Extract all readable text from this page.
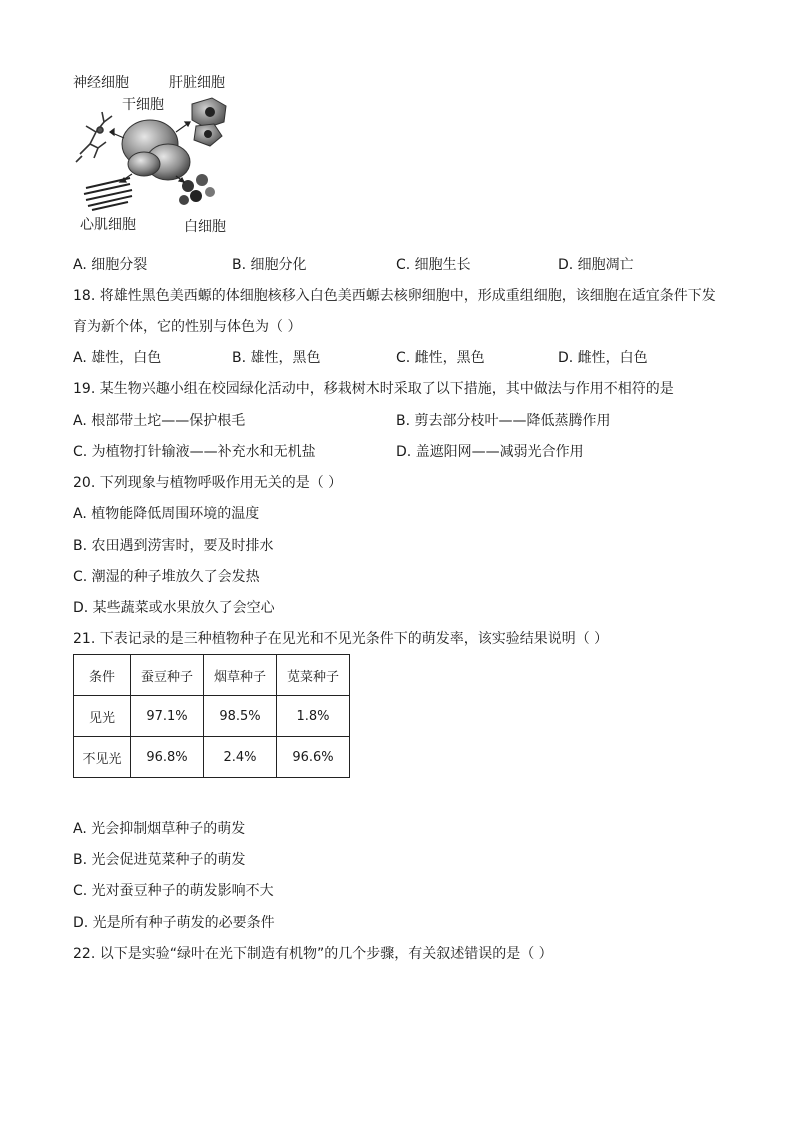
神经细胞	肝脏细胞
干细胞
心肌细胞	白细胞
A. 细胞分裂	B. 细胞分化	C. 细胞生长	D. 细胞凋亡
18. 将雄性黑色美西螈的体细胞核移入白色美西螈去核卵细胞中，形成重组细胞，该细胞在适宜条件下发
育为新个体，它的性别与体色为（ ）
A. 雄性，白色	B. 雄性，黑色	C. 雌性，黑色	D. 雌性，白色
19. 某生物兴趣小组在校园绿化活动中，移栽树木时采取了以下措施，其中做法与作用不相符的是
A. 根部带土坨——保护根毛	B. 剪去部分枝叶——降低蒸腾作用
C. 为植物打针输液——补充水和无机盐	D. 盖遮阳网——减弱光合作用
20. 下列现象与植物呼吸作用无关的是（ ）
A. 植物能降低周围环境的温度
B. 农田遇到涝害时，要及时排水
C. 潮湿的种子堆放久了会发热
D. 某些蔬菜或水果放久了会空心
21. 下表记录的是三种植物种子在见光和不见光条件下的萌发率，该实验结果说明（ ）
条件	蚕豆种子	烟草种子	苋菜种子
见光	97.1%	98.5%	1.8%
不见光	96.8%	2.4%	96.6%
A. 光会抑制烟草种子的萌发
B. 光会促进苋菜种子的萌发
C. 光对蚕豆种子的萌发影响不大
D. 光是所有种子萌发的必要条件
22. 以下是实验“绿叶在光下制造有机物”的几个步骤，有关叙述错误的是（ ）
